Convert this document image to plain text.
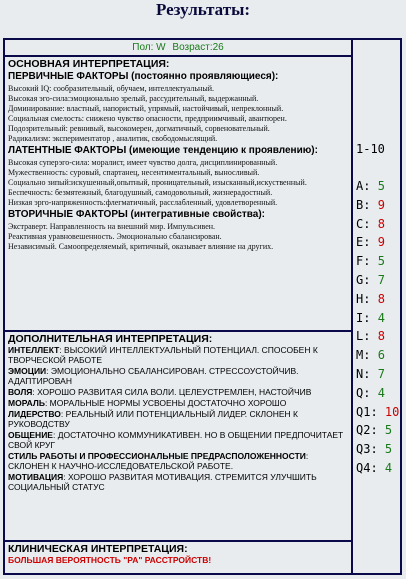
Результаты:
Пол: W Возраст:26

ОСНОВНАЯ ИНТЕРПРЕТАЦИЯ:

ПЕРВИЧНЫЕ ФАКТОРЫ (постоянно проявляющиеся):

Высокий IQ: сообразительный, обучаем, интеллектуальный.

Высокая эго-сила:эмоционально зрелый, рассудительный, выдержанный.

Доминирование: властный, напористый, упрямый, настойчивый, непреклонный.

Социальная смелость: снижено чувство опасности, предприимчивый, авантюрен.

Подозрительный: ревнивый, высокомерен, догматичный, сорвеновательный.

Радикализм: экспериментатор , аналитик, свободомыслящий.

ЛАТЕНТНЫЕ ФАКТОРЫ (имеющие тенденцию к проявлению):

Высокая суперэго-сила: моралист, имеет чувство долга, дисциплинированный.

Мужественность: суровый, спартанец, несентиментальный, выносливый.

Социально зипый:искушенный,опытный, проницательный, изысканный,искуственный.

Беспечность: безмятежный, благодушный, самодовольный, жизнерадостный.

Низкая эрго-напряженность:флегматичный, расслабленный, удовлетворенный.

ВТОРИЧНЫЕ ФАКТОРЫ (интегративные свойства):

Экстраверт. Направленность на внешний мир. Импульсивен.

Реактивная уравновешенность. Эмоционально сбалансирован.

Независимый. Самоопределяемый, критичный, оказывает влияние на других.

ДОПОЛНИТЕЛЬНАЯ ИНТЕРПРЕТАЦИЯ:

ИНТЕЛЛЕКТ: ВЫСОКИЙ ИНТЕЛЛЕКТУАЛЬНЫЙ ПОТЕНЦИАЛ. СПОСОБЕН К ТВОРЧЕСКОЙ РАБОТЕ

ЭМОЦИИ: ЭМОЦИОНАЛЬНО СБАЛАНСИРОВАН. СТРЕССОУСТОЙЧИВ. АДАПТИРОВАН

ВОЛЯ: ХОРОШО РАЗВИТАЯ СИЛА ВОЛИ. ЦЕЛЕУСТРЕМЛЕН, НАСТОЙЧИВ

МОРАЛЬ: МОРАЛЬНЫЕ НОРМЫ УСВОЕНЫ ДОСТАТОЧНО ХОРОШО

ЛИДЕРСТВО: РЕАЛЬНЫЙ ИЛИ ПОТЕНЦИАЛЬНЫЙ ЛИДЕР. СКЛОНЕН К РУКОВОДСТВУ

ОБЩЕНИЕ: ДОСТАТОЧНО КОММУНИКАТИВЕН. НО В ОБЩЕНИИ ПРЕДПОЧИТАЕТ СВОЙ КРУГ

СТИЛЬ РАБОТЫ И ПРОФЕССИОНАЛЬНЫЕ ПРЕДРАСПОЛОЖЕННОСТИ: СКЛОНЕН К НАУЧНО-ИССЛЕДОВАТЕЛЬСКОЙ РАБОТЕ.

МОТИВАЦИЯ: ХОРОШО РАЗВИТАЯ МОТИВАЦИЯ. СТРЕМИТСЯ УЛУЧШИТЬ СОЦИАЛЬНЫЙ СТАТУС

КЛИНИЧЕСКАЯ ИНТЕРПРЕТАЦИЯ:

БОЛЬШАЯ ВЕРОЯТНОСТЬ "РА" РАССТРОЙСТВ!
1-10
A: 5
B: 9
C: 8
E: 9
F: 5
G: 7
H: 8
I: 4
L: 8
M: 6
N: 7
Q: 4
Q1: 10
Q2: 5
Q3: 5
Q4: 4
